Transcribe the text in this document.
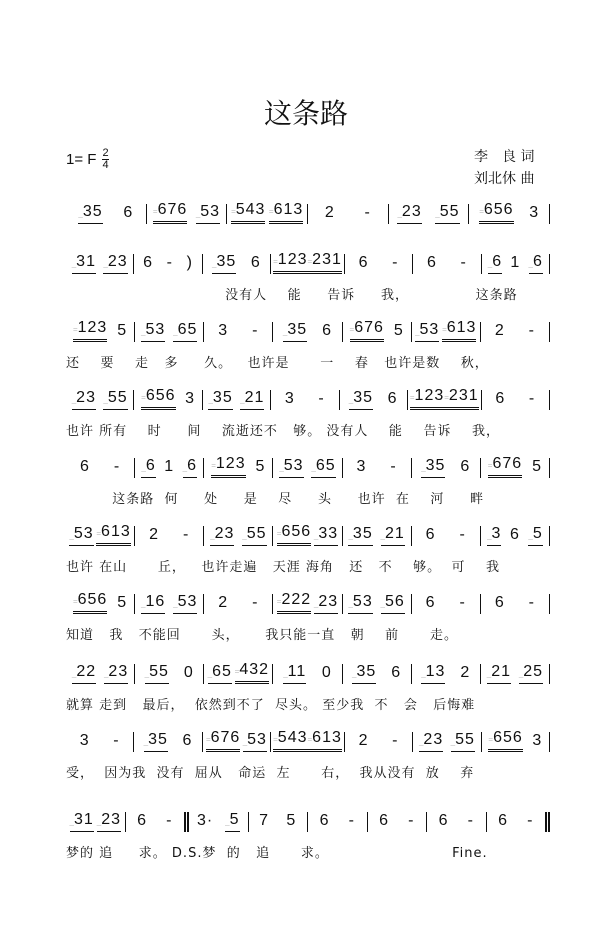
这条路
1= F $\frac{2}{4}$	李　良 词
刘北休 曲
_35 6 =676 _53 =543 =613 2 - _23 _55 =656 3
_31 _23 6 - ) _35 6 =123 =231 6 - 6 - _6 1 _6
没有人    能     告诉     我，             这条路
=123 5 _53 _65 3 - _35 6 =676 5 _53 =613 2 -
还    要    走   多     久。   也许是      一    春   也许是数    秋，
_23 _55 =656 3 _35 _21 3 - _35 6 =123 =231 6 -
也许 所有    时     间    流逝还不   够。 没有人    能    告诉    我，
6 - _6 1 _6 =123 5 _53 _65 3 - _35 6 =676 5
这条路  何     处     是    尽     头     也许  在    河     畔
_53 =613 2 - _23 _55 =656 _33 _35 _21 6 - _3 6 _5
也许 在山      丘，   也许走遍   天涯 海角   还   不    够。  可    我
=656 5 _16 _53 2 - =222 _23 _53 _56 6 - 6 -
知道   我   不能回      头，     我只能一直   朝    前      走。
_22 _23 _55 0 _65 =432 _11 0 _35 6 _13 2 _21 _25
就算 走到   最后，  依然到不了  尽头。 至少我  不   会   后悔难
3 - _35 6 =676 _53 =543 =613 2 - _23 _55 =656 3
受，  因为我  没有  屈从   命运  左      右，  我从没有  放    弃
_31 _23 6 - 3· _5 7 5 6 - 6 - 6 - 6 -
梦的 追     求。 D.S.梦  的   追      求。                        Fine.
